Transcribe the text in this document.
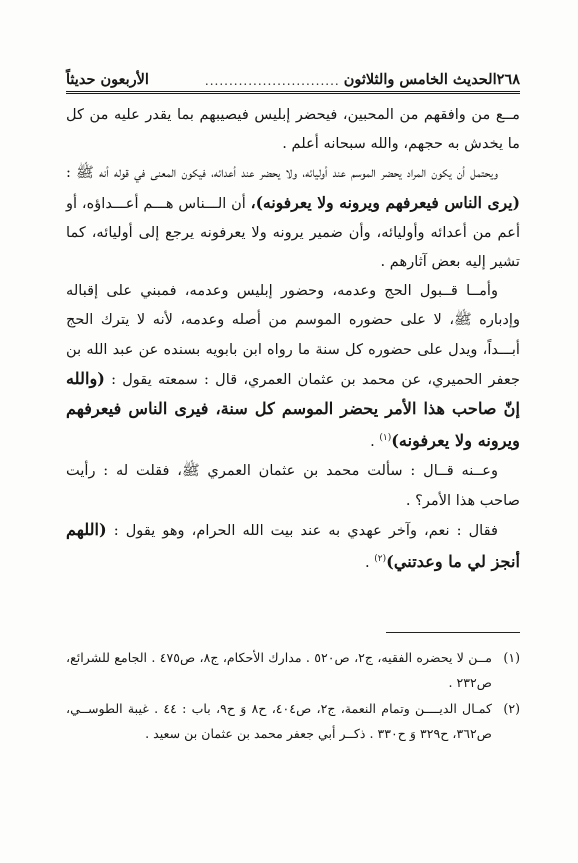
٢٦٨
الحديث الخامس والثلاثون
............................
الأربعون حديثاً

مــع من وافقهم من المحبين، فيحضر إبليس فيصيبهم بما يقدر عليه من كل ما يخدش به حجهم، والله سبحانه أعلم .

ويحتمل أن يكون المراد يحضر الموسم عند أوليائه، ولا يحضر عند أعدائه، فيكون المعنى في قوله أنه ﷺ : (يرى الناس فيعرفهم ويرونه ولا يعرفونه)، أن الـــناس هـــم أعـــداؤه، أو أعم من أعدائه وأوليائه، وأن ضمير يرونه ولا يعرفونه يرجع إلى أوليائه، كما تشير إليه بعض آثارهم .

وأمــا قــبول الحج وعدمه، وحضور إبليس وعدمه، فمبني على إقباله وإدباره ﷺ، لا على حضوره الموسم من أصله وعدمه، لأنه لا يترك الحج أبـــداً، ويدل على حضوره كل سنة ما رواه ابن بابويه بسنده عن عبد الله بن جعفر الحميري، عن محمد بن عثمان العمري، قال : سمعته يقول : (والله إنّ صاحب هذا الأمر يحضر الموسم كل سنة، فيرى الناس فيعرفهم ويرونه ولا يعرفونه)$^{(١)}$ .

وعــنه قــال : سألت محمد بن عثمان العمري ﷺ، فقلت له : رأيت صاحب هذا الأمر؟ .

فقال : نعم، وآخر عهدي به عند بيت الله الحرام، وهو يقول : (اللهم أنجز لي ما وعدتني)$^{(٢)}$ .

(١)
مــن لا يحضره الفقيه، ج٢، ص٥٢٠ . مدارك الأحكام، ج٨، ص٤٧٥ . الجامع للشرائع، ص٢٣٢ .
(٢)
كمـال الديــــن وتمام النعمة، ج٢، ص٤٠٤، ح٨ وَ ح٩، باب : ٤٤ . غيبة الطوســي، ص٣٦٢، ح٣٢٩ وَ ح٣٣٠ . ذكــر أبي جعفر محمد بن عثمان بن سعيد .
